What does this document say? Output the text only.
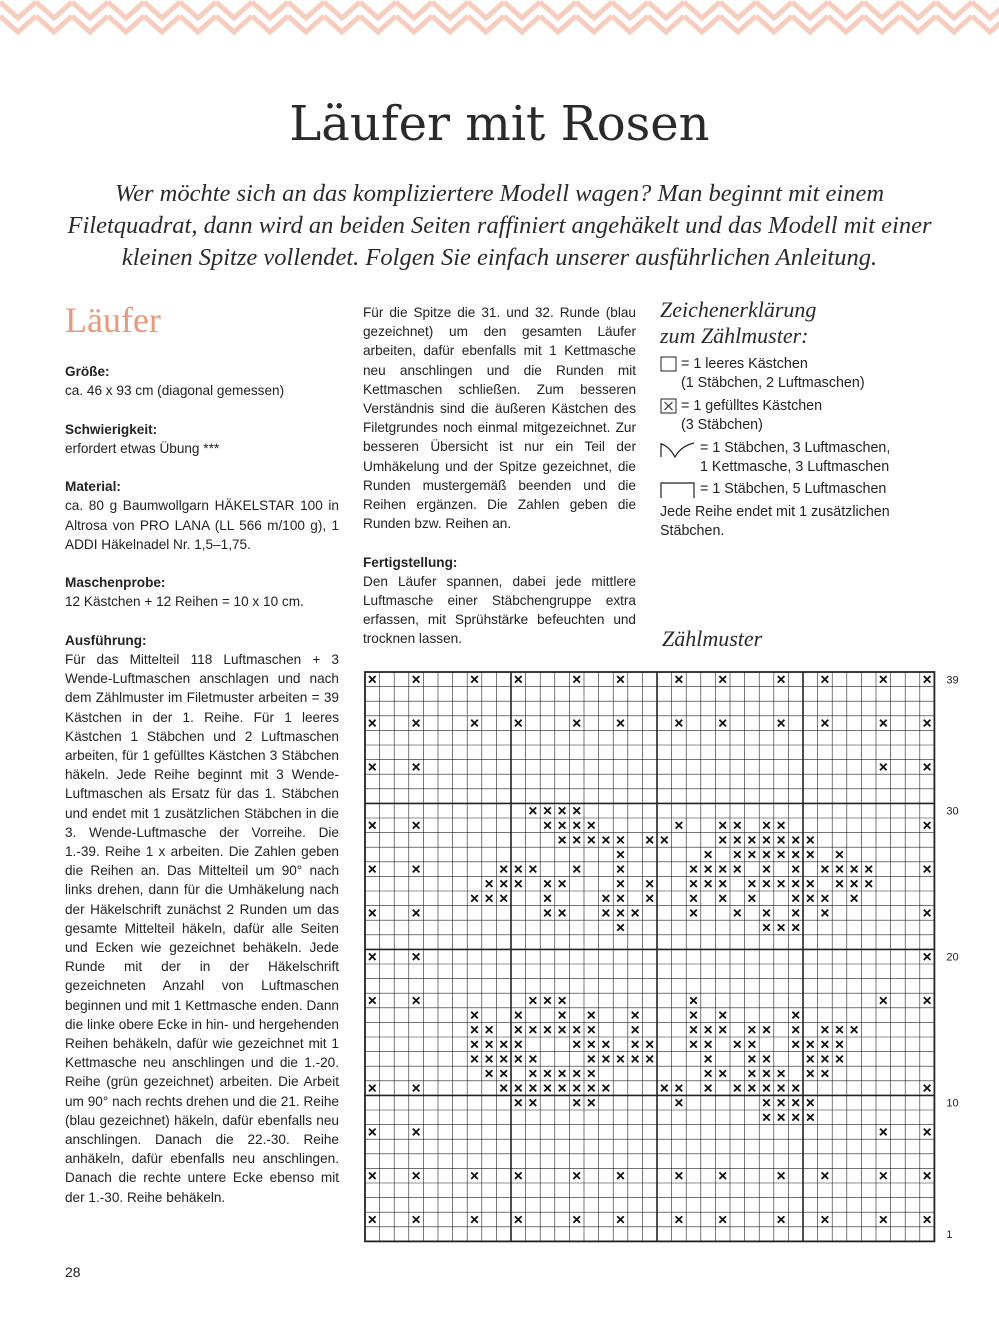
Läufer mit Rosen

Wer möchte sich an das kompliziertere Modell wagen? Man beginnt mit einem Filetquadrat, dann wird an beiden Seiten raffiniert angehäkelt und das Modell mit einer kleinen Spitze vollendet. Folgen Sie einfach unserer ausführlichen Anleitung.

Läufer
Größe:

ca. 46 x 93 cm (diagonal gemessen)

Schwierigkeit:

erfordert etwas Übung ***

Material:

ca. 80 g Baumwollgarn HÄKELSTAR 100 in Altrosa von PRO LANA (LL 566 m/100 g), 1 ADDI Häkelnadel Nr. 1,5–1,75.

Maschenprobe:

12 Kästchen + 12 Reihen = 10 x 10 cm.

Ausführung:

Für das Mittelteil 118 Luftmaschen + 3 Wende-Luftmaschen anschlagen und nach dem Zählmuster im Filetmuster arbeiten = 39 Kästchen in der 1. Reihe. Für 1 leeres Kästchen 1 Stäbchen und 2 Luftmaschen arbeiten, für 1 gefülltes Kästchen 3 Stäbchen häkeln. Jede Reihe beginnt mit 3 Wende-Luftmaschen als Ersatz für das 1. Stäbchen und endet mit 1 zusätzlichen Stäbchen in die 3. Wende-Luftmasche der Vorreihe. Die 1.-39. Reihe 1 x arbeiten. Die Zahlen geben die Reihen an. Das Mittelteil um 90° nach links drehen, dann für die Umhäkelung nach der Häkelschrift zunächst 2 Runden um das gesamte Mittelteil häkeln, dafür alle Seiten und Ecken wie gezeichnet behäkeln. Jede Runde mit der in der Häkelschrift gezeichneten Anzahl von Luftmaschen beginnen und mit 1 Kettmasche enden. Dann die linke obere Ecke in hin- und hergehenden Reihen behäkeln, dafür wie gezeichnet mit 1 Kettmasche neu anschlingen und die 1.-20. Reihe (grün gezeichnet) arbeiten. Die Arbeit um 90° nach rechts drehen und die 21. Reihe (blau gezeichnet) häkeln, dafür ebenfalls neu anschlingen. Danach die 22.-30. Reihe anhäkeln, dafür ebenfalls neu anschlingen. Danach die rechte untere Ecke ebenso mit der 1.-30. Reihe behäkeln.

Für die Spitze die 31. und 32. Runde (blau gezeichnet) um den gesamten Läufer arbeiten, dafür ebenfalls mit 1 Kettmasche neu anschlingen und die Runden mit Kettmaschen schließen. Zum besseren Verständnis sind die äußeren Kästchen des Filetgrundes noch einmal mitgezeichnet. Zur besseren Übersicht ist nur ein Teil der Umhäkelung und der Spitze gezeichnet, die Runden mustergemäß beenden und die Reihen ergänzen. Die Zahlen geben die Runden bzw. Reihen an.

Fertigstellung:

Den Läufer spannen, dabei jede mittlere Luftmasche einer Stäbchengruppe extra erfassen, mit Sprühstärke befeuchten und trocknen lassen.

Zeichenerklärung
zum Zählmuster:
= 1 leeres Kästchen
(1 Stäbchen, 2 Luftmaschen)
= 1 gefülltes Kästchen
(3 Stäbchen)
= 1 Stäbchen, 3 Luftmaschen,
1 Kettmasche, 3 Luftmaschen
= 1 Stäbchen, 5 Luftmaschen
Jede Reihe endet mit 1 zusätzlichen Stäbchen.
Zählmuster
39
30
20
10
1
28
